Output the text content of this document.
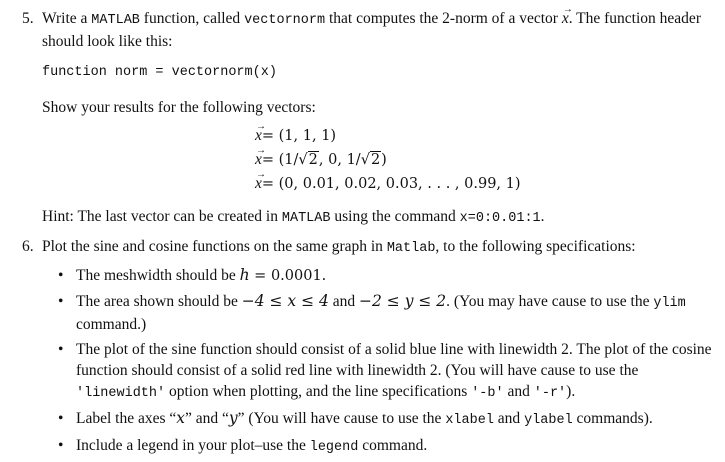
5. Write a MATLAB function, called vectornorm that computes the 2-norm of a vector → x. The function header should look like this:
function norm = vectornorm(x)
Show your results for the following vectors:
→ x= (1, 1, 1)
→ x= (1/√2, 0, 1/√2)
→ x= (0, 0.01, 0.02, 0.03, . . . , 0.99, 1)
Hint: The last vector can be created in MATLAB using the command x=0:0.01:1.
6. Plot the sine and cosine functions on the same graph in Matlab, to the following specifications:
• The meshwidth should be h = 0.0001.
• The area shown should be −4 ≤ x ≤ 4 and −2 ≤ y ≤ 2. (You may have cause to use the ylim command.)
• The plot of the sine function should consist of a solid blue line with linewidth 2. The plot of the cosine function should consist of a solid red line with linewidth 2. (You will have cause to use the 'linewidth' option when plotting, and the line specifications '-b' and '-r').
• Label the axes “x” and “y” (You will have cause to use the xlabel and ylabel commands).
• Include a legend in your plot–use the legend command.
